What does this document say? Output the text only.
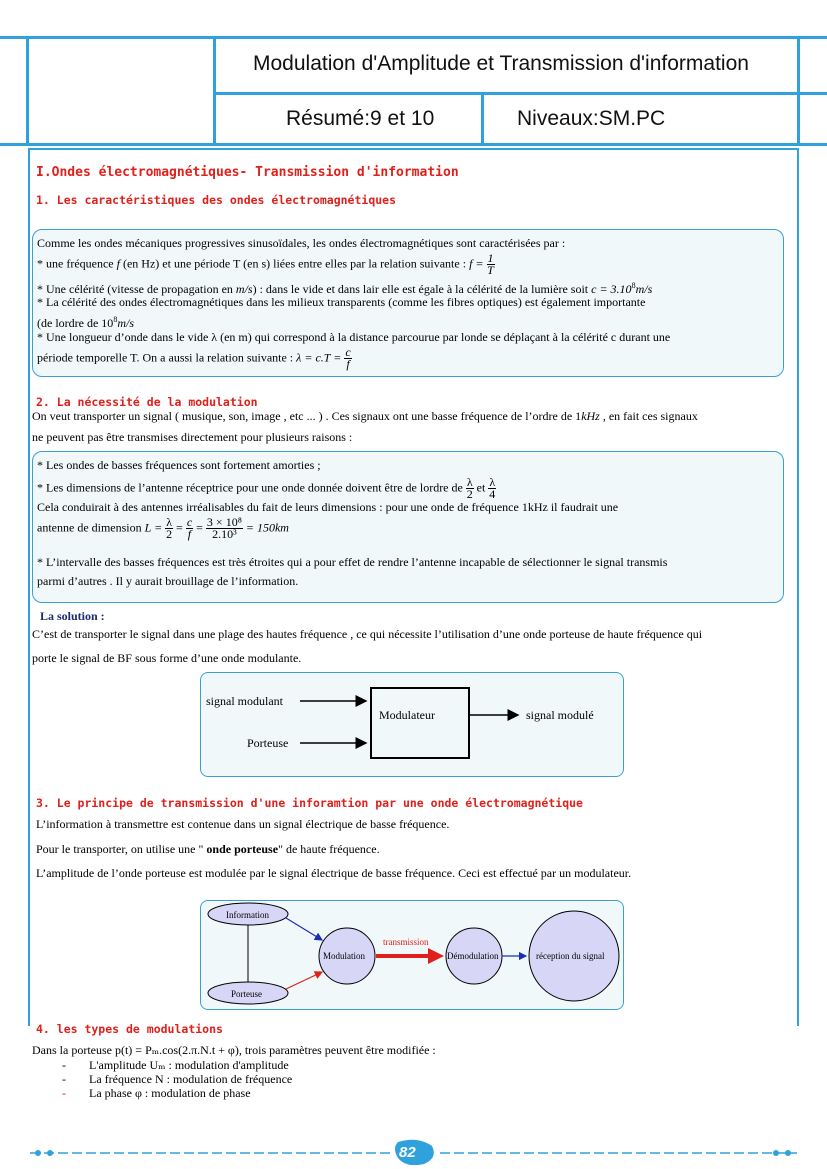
Modulation d'Amplitude et Transmission d'information
Résumé:9 et 10	Niveaux:SM.PC
I.Ondes électromagnétiques- Transmission d'information
1. Les caractéristiques des ondes électromagnétiques
Comme les ondes mécaniques progressives sinusoïdales, les ondes électromagnétiques sont caractérisées par :
* une fréquence f (en Hz) et une période T (en s) liées entre elles par la relation suivante : $f = \frac{1}{T}$
* Une célérité (vitesse de propagation en m/s) : dans le vide et dans lair elle est égale à la célérité de la lumière soit $c = 3.10^8m/s$
* La célérité des ondes électromagnétiques dans les milieux transparents (comme les fibres optiques) est également importante
(de lordre de $10^8m/s$
* Une longueur d’onde dans le vide λ (en m) qui correspond à la distance parcourue par londe se déplaçant à la célérité c durant une
période temporelle T. On a aussi la relation suivante : $\lambda = c.T = \frac{c}{f}$
2. La nécessité de la modulation
On veut transporter un signal ( musique, son, image , etc ... ) . Ces signaux ont une basse fréquence de l’ordre de 1kHz , en fait ces signaux
ne peuvent pas être transmises directement pour plusieurs raisons :
* Les ondes de basses fréquences sont fortement amorties ;
* Les dimensions de l’antenne réceptrice pour une onde donnée doivent être de lordre de $\frac{\lambda}{2}$ et $\frac{\lambda}{4}$
Cela conduirait à des antennes irréalisables du fait de leurs dimensions : pour une onde de fréquence 1kHz il faudrait une
antenne de dimension $L = \frac{\lambda}{2} = \frac{c}{f} = \frac{\text{3 × 10⁸}}{\text{2.10³}} = 150km$
* L’intervalle des basses fréquences est très étroites qui a pour effet de rendre l’antenne incapable de sélectionner le signal transmis
parmi d’autres . Il y aurait brouillage de l’information.
La solution :
C’est de transporter le signal dans une plage des hautes fréquence , ce qui nécessite l’utilisation d’une onde porteuse de haute fréquence qui
porte le signal de BF sous forme d’une onde modulante.
signal modulant
Porteuse
Modulateur	signal modulé
3. Le principe de transmission d'une inforamtion par une onde électromagnétique
L’information à transmettre est contenue dans un signal électrique de basse fréquence.
Pour le transporter, on utilise une " onde porteuse" de haute fréquence.
L’amplitude de l’onde porteuse est modulée par le signal électrique de basse fréquence. Ceci est effectué par un modulateur.
Information
Porteuse
Modulation
transmission
Démodulation	réception du signal
4. les types de modulations
Dans la porteuse p(t) = Pₘ.cos(2.π.N.t + φ), trois paramètres peuvent être modifiée :
- L'amplitude Uₘ : modulation d'amplitude
- La fréquence N : modulation de fréquence
- La phase φ : modulation de phase
82
